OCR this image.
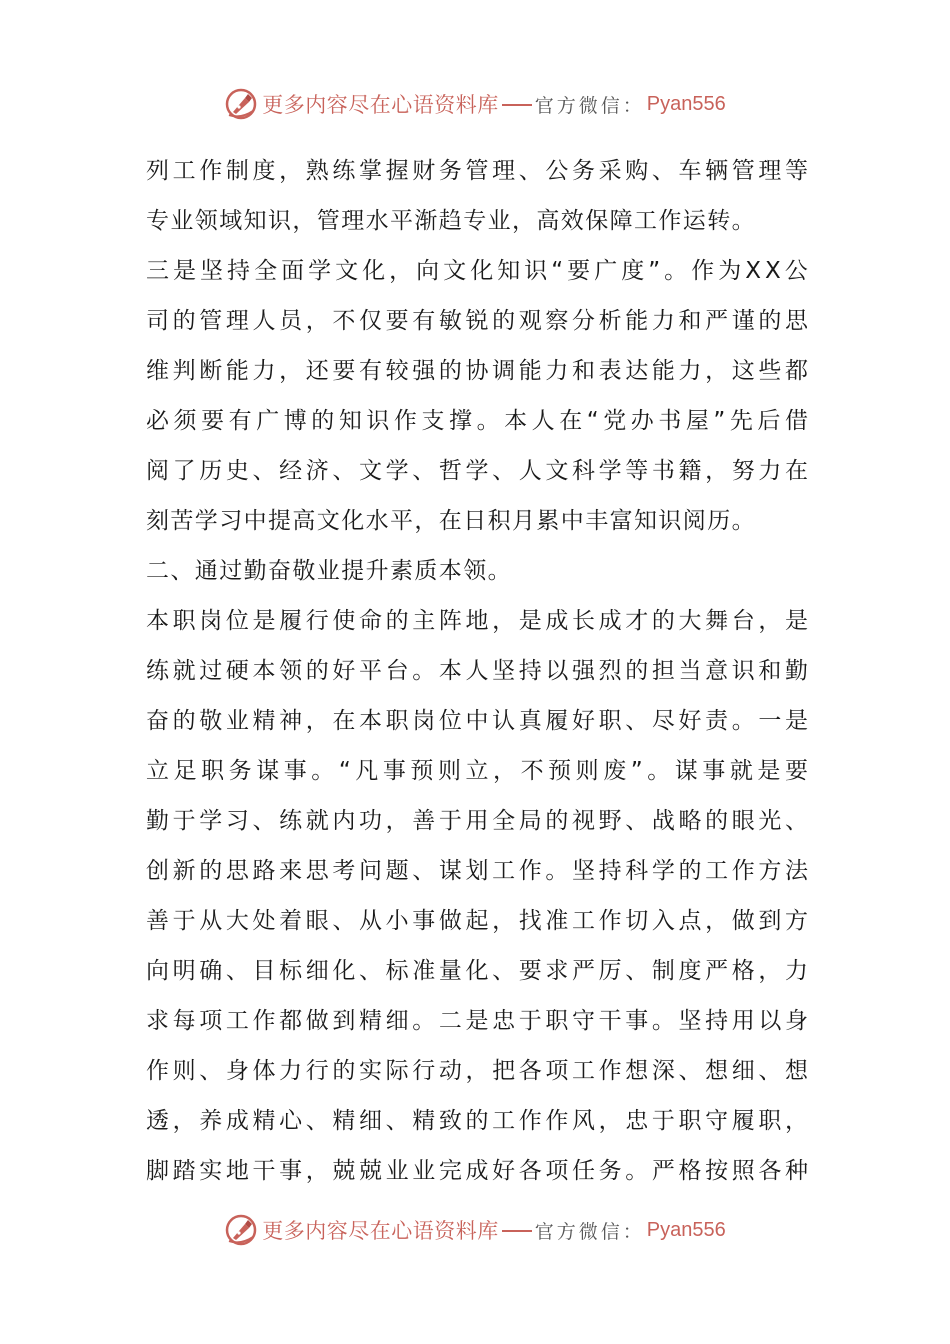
更多内容尽在心语资料库 官方微信： Pyan556
列 工 作 制 度 ， 熟 练 掌 握 财 务 管 理 、 公 务 采 购 、 车 辆 管 理 等
专业领域知识，管理水平渐趋专业，高效保障工作运转。
三 是 坚 持 全 面 学 文 化 ， 向 文 化 知 识 “ 要 广 度 ” 。 作 为 X X 公
司 的 管 理 人 员 ， 不 仅 要 有 敏 锐 的 观 察 分 析 能 力 和 严 谨 的 思
维 判 断 能 力 ， 还 要 有 较 强 的 协 调 能 力 和 表 达 能 力 ， 这 些 都
必 须 要 有 广 博 的 知 识 作 支 撑 。 本 人 在 “ 党 办 书 屋 ” 先 后 借
阅 了 历 史 、 经 济 、 文 学 、 哲 学 、 人 文 科 学 等 书 籍 ， 努 力 在
刻苦学习中提高文化水平，在日积月累中丰富知识阅历。
二、通过勤奋敬业提升素质本领。
本 职 岗 位 是 履 行 使 命 的 主 阵 地 ， 是 成 长 成 才 的 大 舞 台 ， 是
练 就 过 硬 本 领 的 好 平 台 。 本 人 坚 持 以 强 烈 的 担 当 意 识 和 勤
奋 的 敬 业 精 神 ， 在 本 职 岗 位 中 认 真 履 好 职 、 尽 好 责 。 一 是
立 足 职 务 谋 事 。 “ 凡 事 预 则 立 ， 不 预 则 废 ” 。 谋 事 就 是 要
勤 于 学 习 、 练 就 内 功 ， 善 于 用 全 局 的 视 野 、 战 略 的 眼 光 、
创 新 的 思 路 来 思 考 问 题 、 谋 划 工 作 。 坚 持 科 学 的 工 作 方 法
善 于 从 大 处 着 眼 、 从 小 事 做 起 ， 找 准 工 作 切 入 点 ， 做 到 方
向 明 确 、 目 标 细 化 、 标 准 量 化 、 要 求 严 厉 、 制 度 严 格 ， 力
求 每 项 工 作 都 做 到 精 细 。 二 是 忠 于 职 守 干 事 。 坚 持 用 以 身
作 则 、 身 体 力 行 的 实 际 行 动 ， 把 各 项 工 作 想 深 、 想 细 、 想
透 ， 养 成 精 心 、 精 细 、 精 致 的 工 作 作 风 ， 忠 于 职 守 履 职 ，
脚 踏 实 地 干 事 ， 兢 兢 业 业 完 成 好 各 项 任 务 。 严 格 按 照 各 种
更多内容尽在心语资料库 官方微信： Pyan556
